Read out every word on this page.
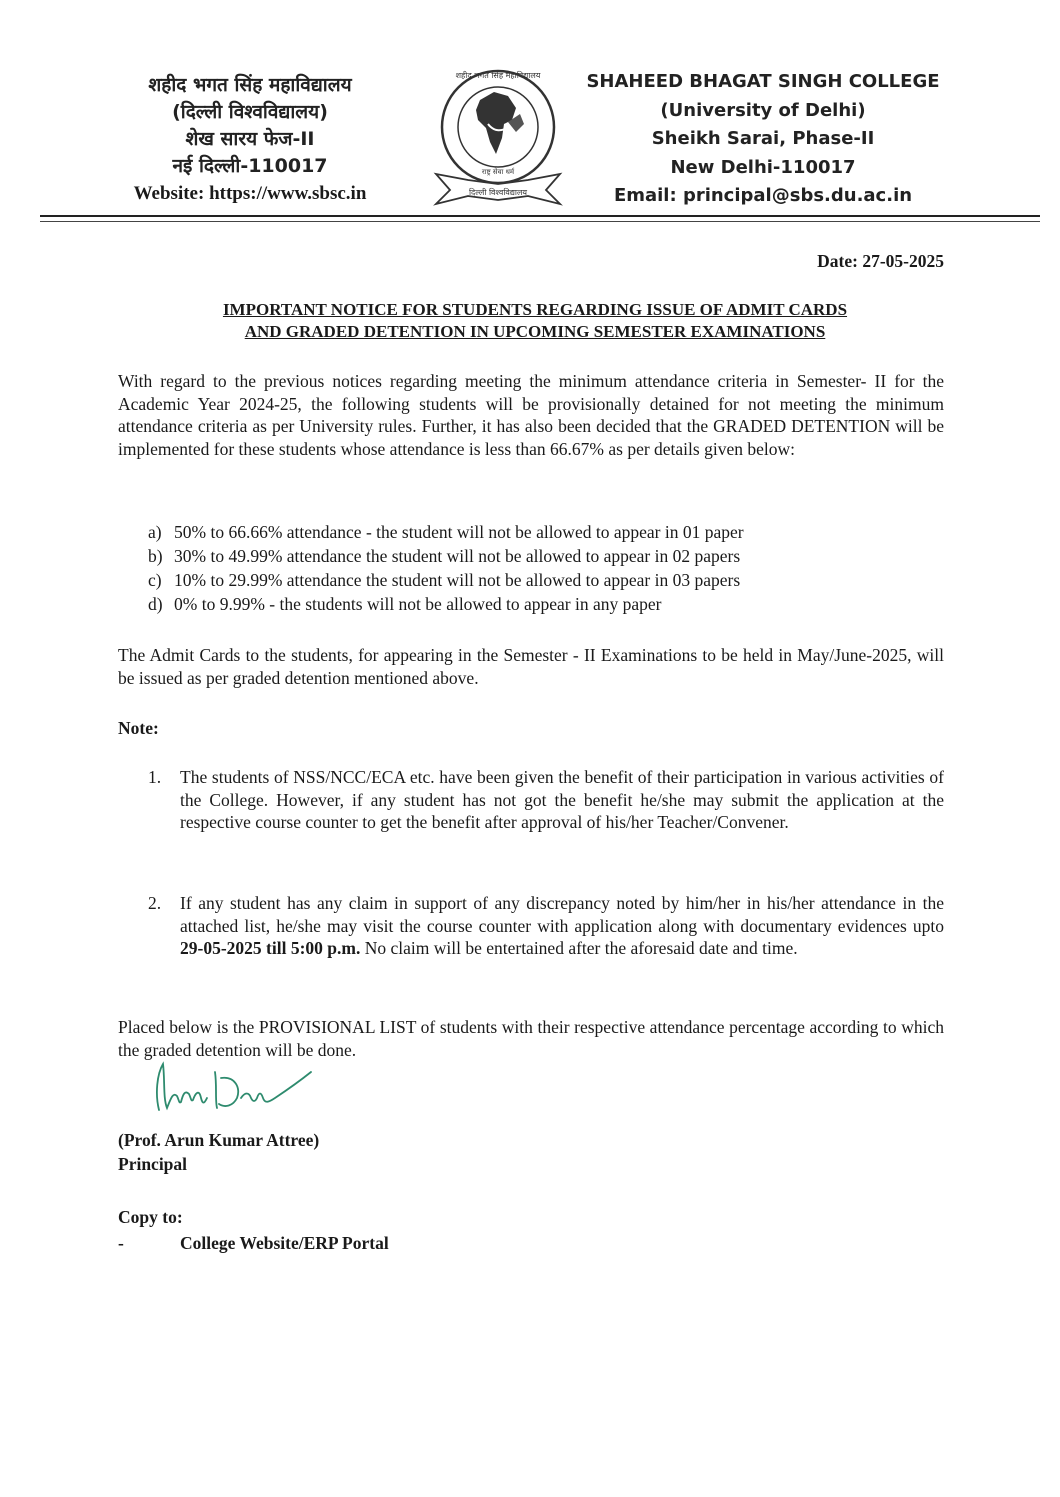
शहीद भगत सिंह महाविद्यालय
(दिल्ली विश्वविद्यालय)
शेख सारय फेज-II
नई दिल्ली-110017
Website: https://www.sbsc.in
शहीद भगत सिंह महाविद्यालय
राष्ट्र सेवा धर्म
दिल्ली विश्वविद्यालय
SHAHEED BHAGAT SINGH COLLEGE
(University of Delhi)
Sheikh Sarai, Phase-II
New Delhi-110017
Email: principal@sbs.du.ac.in
Date: 27-05-2025
IMPORTANT NOTICE FOR STUDENTS REGARDING ISSUE OF ADMIT CARDS
AND GRADED DETENTION IN UPCOMING SEMESTER EXAMINATIONS

With regard to the previous notices regarding meeting the minimum attendance criteria in Semester- II for the Academic Year 2024-25, the following students will be provisionally detained for not meeting the minimum attendance criteria as per University rules. Further, it has also been decided that the GRADED DETENTION will be implemented for these students whose attendance is less than 66.67% as per details given below:

a) 50% to 66.66% attendance - the student will not be allowed to appear in 01 paper
b) 30% to 49.99% attendance the student will not be allowed to appear in 02 papers
c) 10% to 29.99% attendance the student will not be allowed to appear in 03 papers
d) 0% to 9.99% - the students will not be allowed to appear in any paper

The Admit Cards to the students, for appearing in the Semester - II Examinations to be held in May/June-2025, will be issued as per graded detention mentioned above.

Note:
1. The students of NSS/NCC/ECA etc. have been given the benefit of their participation in various activities of the College. However, if any student has not got the benefit he/she may submit the application at the respective course counter to get the benefit after approval of his/her Teacher/Convener.
2. If any student has any claim in support of any discrepancy noted by him/her in his/her attendance in the attached list, he/she may visit the course counter with application along with documentary evidences upto 29-05-2025 till 5:00 p.m. No claim will be entertained after the aforesaid date and time.

Placed below is the PROVISIONAL LIST of students with their respective attendance percentage according to which the graded detention will be done.

(Prof. Arun Kumar Attree)
Principal
Copy to:
-	College Website/ERP Portal
